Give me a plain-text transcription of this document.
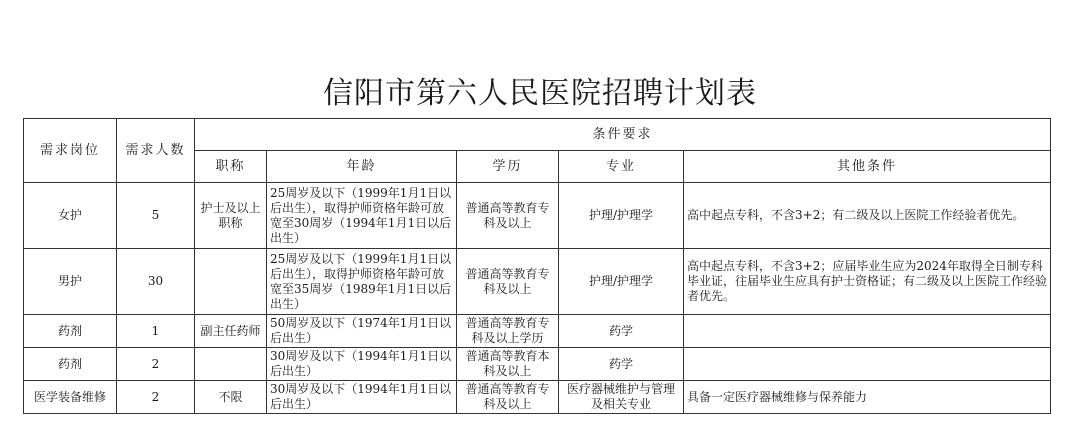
信阳市第六人民医院招聘计划表
需求岗位	需求人数	条件要求				
		职称	年龄	学历	专业	其他条件
女护	5	护士及以上职称	25周岁及以下（1999年1月1日以后出生），取得护师资格年龄可放宽至30周岁（1994年1月1日以后出生）	普通高等教育专科及以上	护理/护理学	高中起点专科，不含3+2；有二级及以上医院工作经验者优先。
男护	30		25周岁及以下（1999年1月1日以后出生），取得护师资格年龄可放宽至35周岁（1989年1月1日以后出生）	普通高等教育专科及以上	护理/护理学	高中起点专科，不含3+2；应届毕业生应为2024年取得全日制专科毕业证，往届毕业生应具有护士资格证；有二级及以上医院工作经验者优先。
药剂	1	副主任药师	50周岁及以下（1974年1月1日以后出生）	普通高等教育专科及以上学历	药学	
药剂	2		30周岁及以下（1994年1月1日以后出生）	普通高等教育本科及以上	药学	
医学装备维修	2	不限	30周岁及以下（1994年1月1日以后出生）	普通高等教育专科及以上	医疗器械维护与管理及相关专业	具备一定医疗器械维修与保养能力
